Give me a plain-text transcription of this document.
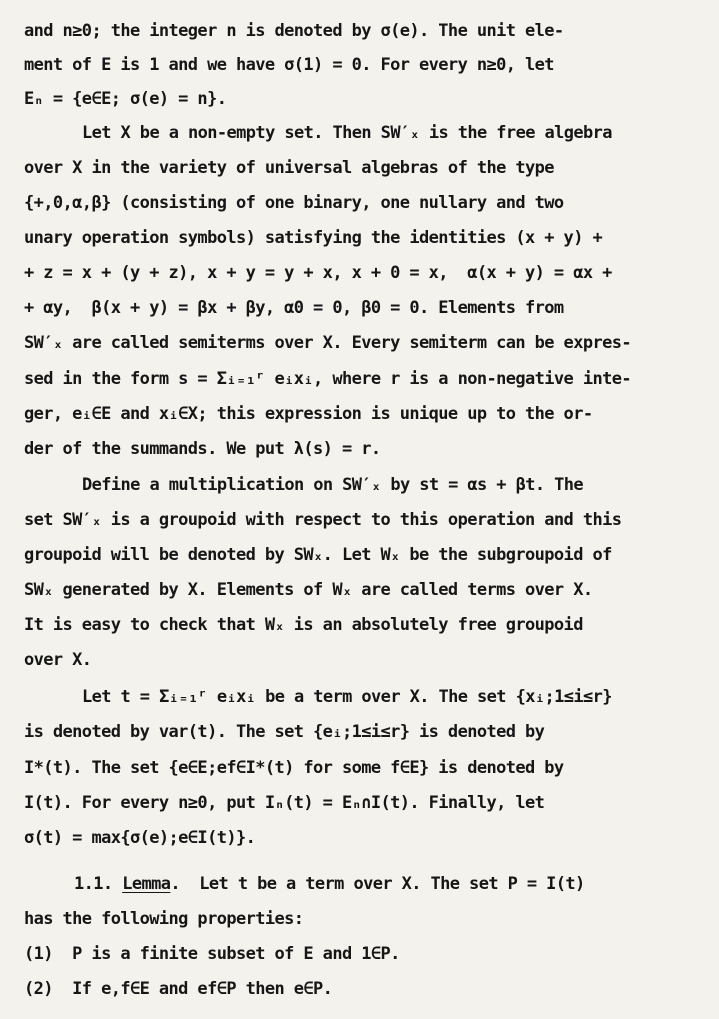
and n≥0; the integer n is denoted by σ(e). The unit ele-
ment of E is 1 and we have σ(1) = 0. For every n≥0, let
Eₙ = {e∈E; σ(e) = n}.
Let X be a non-empty set. Then SW′ₓ is the free algebra
over X in the variety of universal algebras of the type
{+,0,α,β} (consisting of one binary, one nullary and two
unary operation symbols) satisfying the identities (x + y) +
+ z = x + (y + z), x + y = y + x, x + 0 = x,  α(x + y) = αx +
+ αy,  β(x + y) = βx + βy, α0 = 0, β0 = 0. Elements from
SW′ₓ are called semiterms over X. Every semiterm can be expres-
sed in the form s = Σᵢ₌₁ʳ eᵢxᵢ, where r is a non-negative inte-
ger, eᵢ∈E and xᵢ∈X; this expression is unique up to the or-
der of the summands. We put λ(s) = r.
Define a multiplication on SW′ₓ by st = αs + βt. The
set SW′ₓ is a groupoid with respect to this operation and this
groupoid will be denoted by SWₓ. Let Wₓ be the subgroupoid of
SWₓ generated by X. Elements of Wₓ are called terms over X.
It is easy to check that Wₓ is an absolutely free groupoid
over X.
Let t = Σᵢ₌₁ʳ eᵢxᵢ be a term over X. The set {xᵢ;1≤i≤r}
is denoted by var(t). The set {eᵢ;1≤i≤r} is denoted by
I*(t). The set {e∈E;ef∈I*(t) for some f∈E} is denoted by
I(t). For every n≥0, put Iₙ(t) = Eₙ∩I(t). Finally, let
σ(t) = max{σ(e);e∈I(t)}.
1.1. Lemma.  Let t be a term over X. The set P = I(t)
has the following properties:
(1)  P is a finite subset of E and 1∈P.
(2)  If e,f∈E and ef∈P then e∈P.
